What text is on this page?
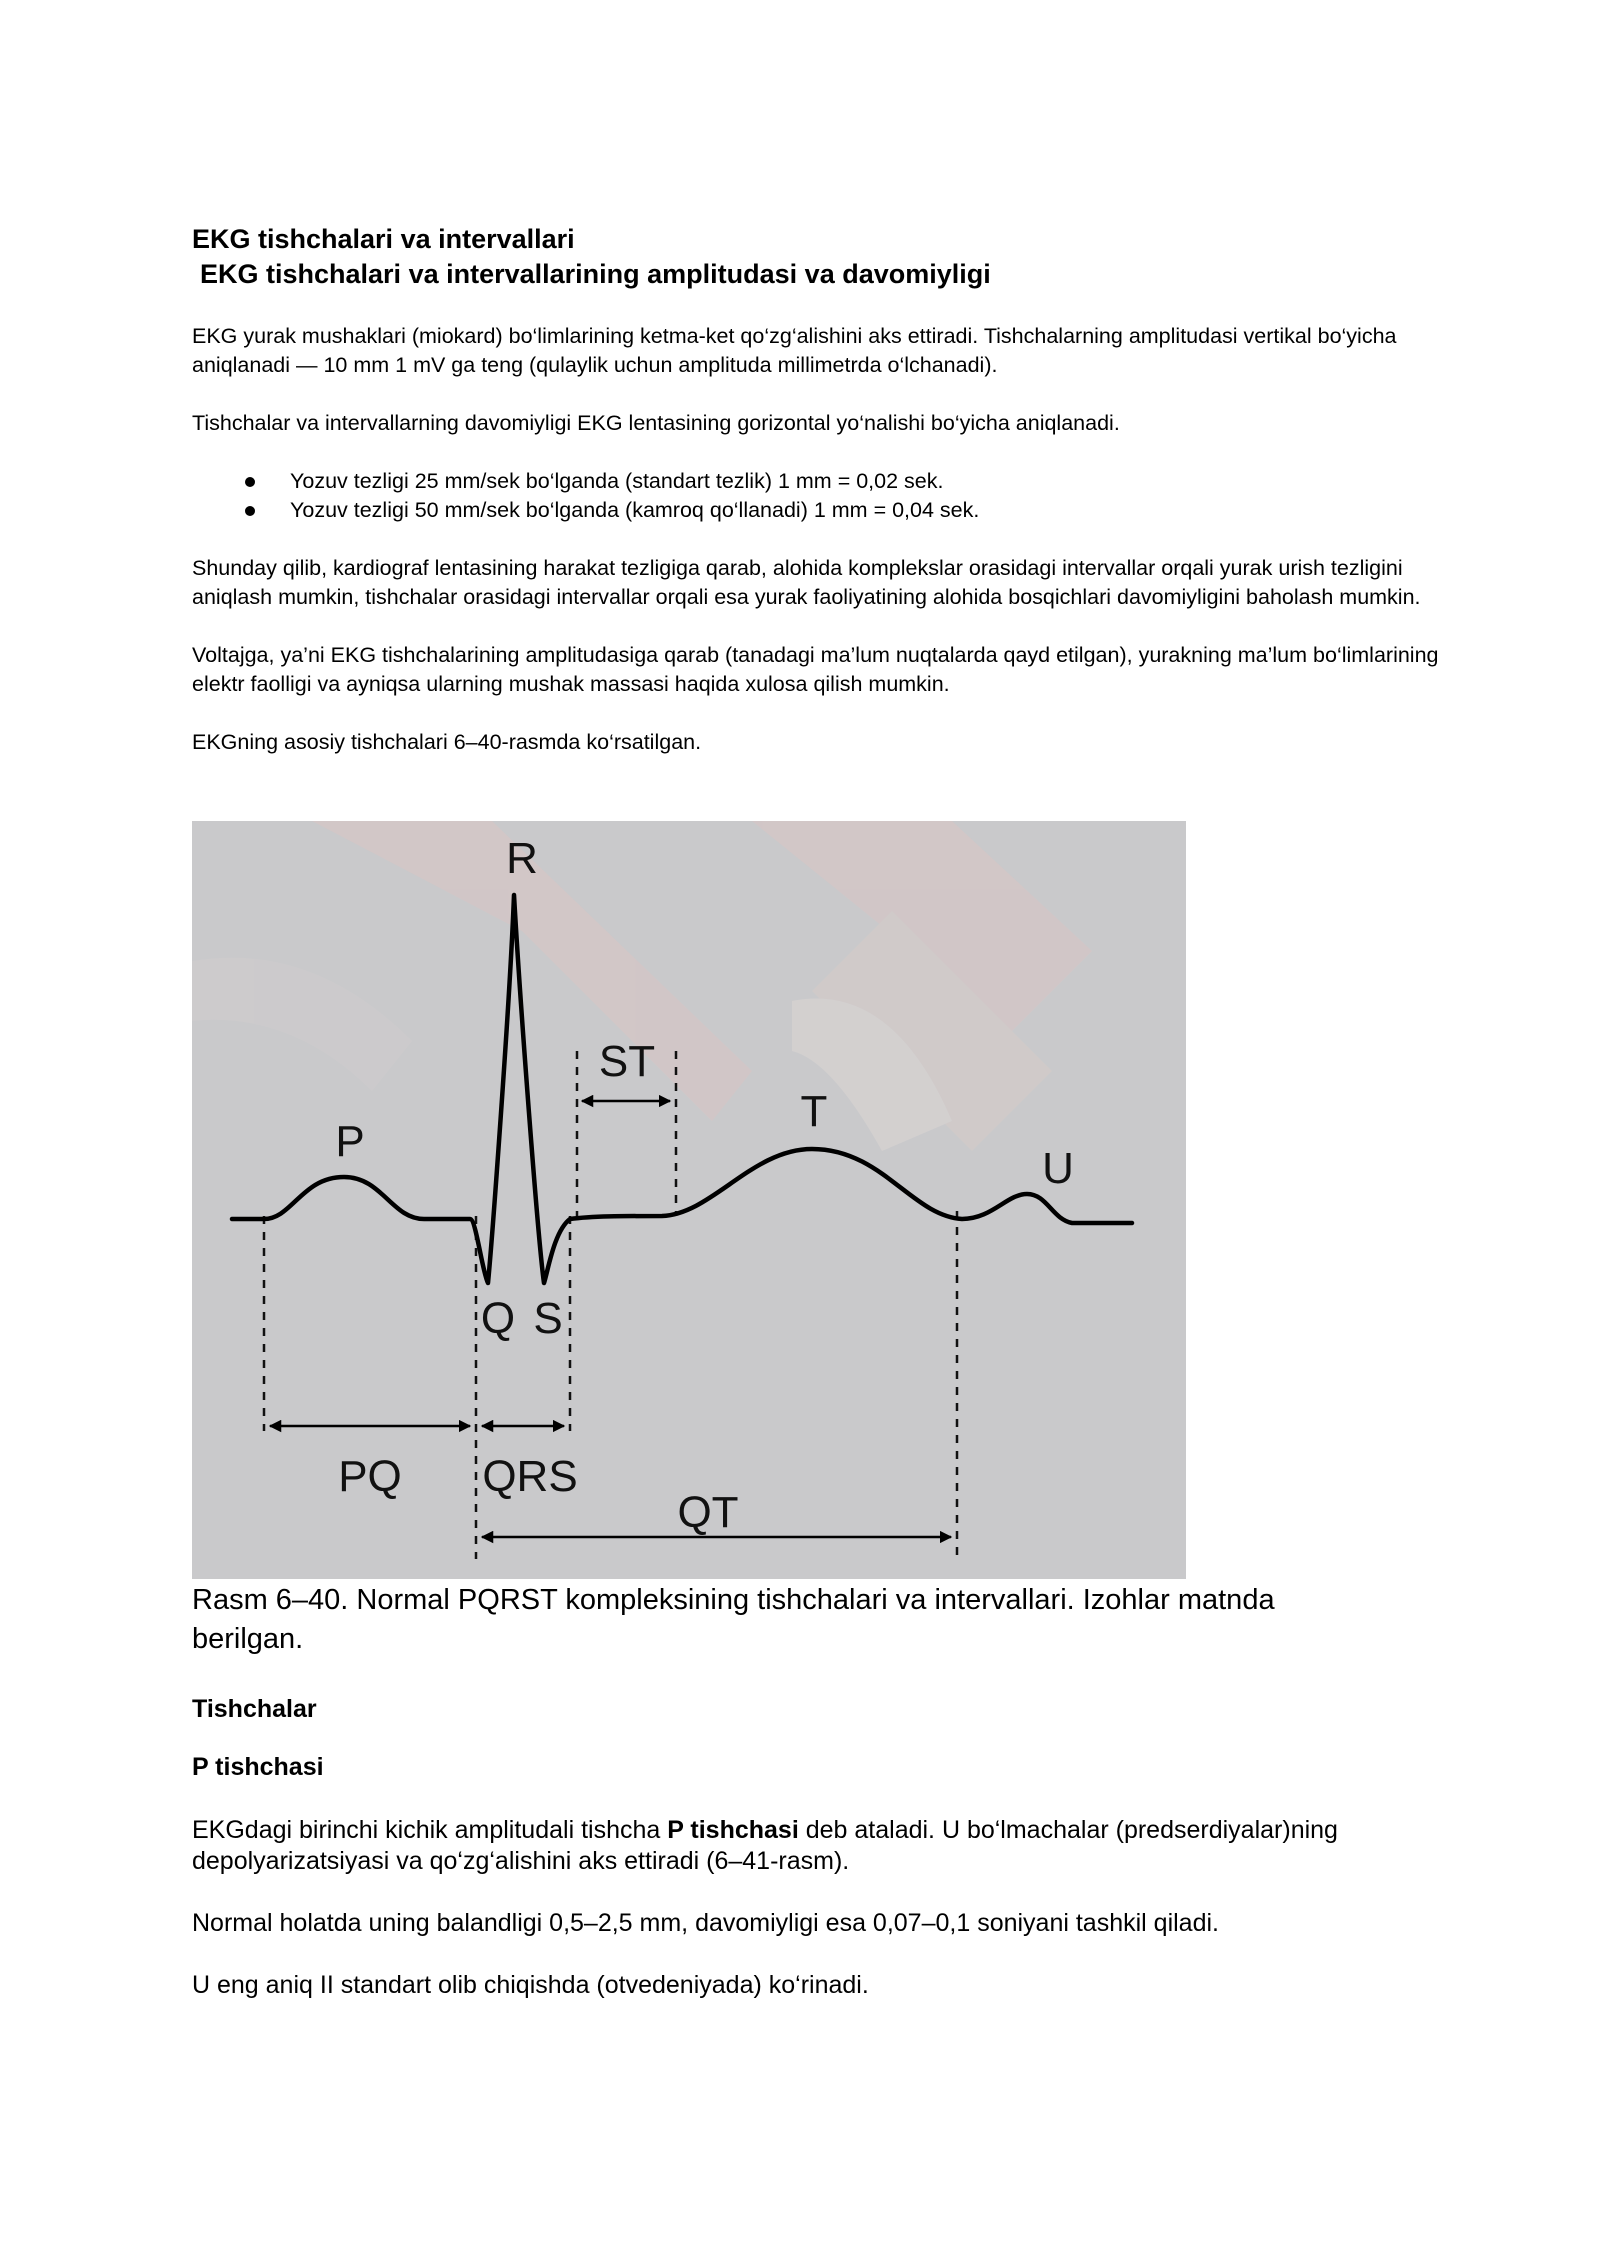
EKG tishchalari va intervallari

EKG tishchalari va intervallarining amplitudasi va davomiyligi

EKG yurak mushaklari (miokard) bo‘limlarining ketma-ket qo‘zg‘alishini aks ettiradi. Tishchalarning amplitudasi vertikal bo‘yicha aniqlanadi — 10 mm 1 mV ga teng (qulaylik uchun amplituda millimetrda o‘lchanadi).

Tishchalar va intervallarning davomiyligi EKG lentasining gorizontal yo‘nalishi bo‘yicha aniqlanadi.

Yozuv tezligi 25 mm/sek bo‘lganda (standart tezlik) 1 mm = 0,02 sek.
Yozuv tezligi 50 mm/sek bo‘lganda (kamroq qo‘llanadi) 1 mm = 0,04 sek.

Shunday qilib, kardiograf lentasining harakat tezligiga qarab, alohida komplekslar orasidagi intervallar orqali yurak urish tezligini aniqlash mumkin, tishchalar orasidagi intervallar orqali esa yurak faoliyatining alohida bosqichlari davomiyligini baholash mumkin.

Voltajga, ya’ni EKG tishchalarining amplitudasiga qarab (tanadagi ma’lum nuqtalarda qayd etilgan), yurakning ma’lum bo‘limlarining elektr faolligi va ayniqsa ularning mushak massasi haqida xulosa qilish mumkin.

EKGning asosiy tishchalari 6–40-rasmda ko‘rsatilgan.

R
P
T
U
Q S
ST
PQ QRS
QT

Rasm 6–40. Normal PQRST kompleksining tishchalari va intervallari. Izohlar matnda berilgan.

Tishchalar

P tishchasi

EKGdagi birinchi kichik amplitudali tishcha P tishchasi deb ataladi. U bo‘lmachalar (predserdiyalar)ning depolyarizatsiyasi va qo‘zg‘alishini aks ettiradi (6–41-rasm).

Normal holatda uning balandligi 0,5–2,5 mm, davomiyligi esa 0,07–0,1 soniyani tashkil qiladi.

U eng aniq II standart olib chiqishda (otvedeniyada) ko‘rinadi.
